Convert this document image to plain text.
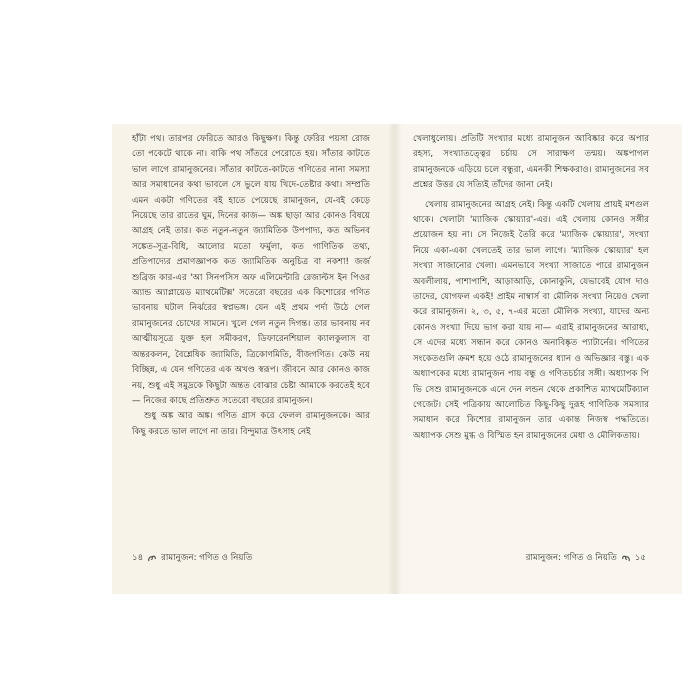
হাঁটা পথ। তারপর ফেরিতে আরও কিছুক্ষণ। কিন্তু ফেরির পয়সা রোজ তো পকেটে থাকে না। বাকি পথ সাঁতরে পেরোতে হয়। সাঁতার কাটতে ভাল লাগে রামানুজনের। সাঁতার কাটতে-কাটতে গণিতের নানা সমস্যা আর সমাধানের কথা ভাবলে সে ভুলে যায় খিদে-তেষ্টার কথা। সম্প্রতি এমন একটা গণিতের বই হাতে পেয়েছে রামানুজন, যে-বই কেড়ে নিয়েছে তার রাতের ঘুম, দিনের কাজ— অঙ্ক ছাড়া আর কোনও বিষয়ে আগ্রহ নেই তার। কত নতুন-নতুন জ্যামিতিক উপপাদ্য, কত অভিনব সঙ্কেত-সূত্র-বিধি, আলোর মতো ফর্মুলা, কত গাণিতিক তথ্য, প্রতিপাদ্যের প্রমাণজ্ঞাপক কত জ্যামিতিক অনুচিত্র বা নকশা! জর্জ শুব্রিজ কার-এর 'আ সিনপসিস অফ এলিমেন্টারি রেজাল্টস ইন পিওর অ্যান্ড অ্যাপ্লায়েড ম্যাথমেটিক্স' সতেরো বছরের এক কিশোরের গণিত ভাবনায় ঘটাল নির্ঝরের স্বপ্নভঙ্গ। যেন এই প্রথম পর্দা উঠে গেল রামানুজনের চোখের সামনে। খুলে গেল নতুন দিগন্ত। তার ভাবনায় নব আত্মীয়সূত্রে যুক্ত হল সমীকরণ, ডিফারেনশিয়াল ক্যালকুলাস বা অন্তরকলন, বৈশ্লেষিক জ্যামিতি, ত্রিকোণমিতি, বীজগণিত। কেউ নয় বিচ্ছিন্ন, এ যেন গণিতের এক অখণ্ড স্বরূপ। জীবনে আর কোনও কাজ নয়, শুধু এই সমুদ্রকে কিছুটা অন্তত বোঝার চেষ্টা আমাকে করতেই হবে— নিজের কাছে প্রতিশ্রুত সতেরো বছরের রামানুজন।

শুধু অঙ্ক আর অঙ্ক। গণিত গ্রাস করে ফেলল রামানুজনকে। আর কিছু করতে ভাল লাগে না তার। বিন্দুমাত্র উৎসাহ নেই

১৪ রামানুজন: গণিত ও নিয়তি

খেলাধুলোয়। প্রতিটি সংখ্যার মধ্যে রামানুজন আবিষ্কার করে অপার রহস্য, সংখ্যাতত্ত্বের চর্চায় সে সারাক্ষণ তন্ময়। অঙ্কপাগল রামানুজনকে এড়িয়ে চলে বন্ধুরা, এমনকী শিক্ষকরাও। রামানুজনের সব প্রশ্নের উত্তর যে সত্যিই তাঁদের জানা নেই।

খেলায় রামানুজনের আগ্রহ নেই। কিন্তু একটি খেলায় প্রায়ই মশগুল থাকে। খেলাটা 'ম্যাজিক স্কোয়্যার'-এর। এই খেলায় কোনও সঙ্গীর প্রয়োজন হয় না। সে নিজেই তৈরি করে 'ম্যাজিক স্কোয়্যার', সংখ্যা নিয়ে একা-একা খেলতেই তার ভাল লাগে। 'ম্যাজিক স্কোয়্যার' হল সংখ্যা সাজানোর খেলা। এমনভাবে সংখ্যা সাজাতে পারে রামানুজন অবলীলায়, পাশাপাশি, আড়াআড়ি, কোনাকুনি, যেভাবেই যোগ দাও তাদের, যোগফল একই! প্রাইম নাম্বার্স বা মৌলিক সংখ্যা নিয়েও খেলা করে রামানুজন। ২, ৩, ৫, ৭-এর মতো মৌলিক সংখ্যা, যাদের অন্য কোনও সংখ্যা দিয়ে ভাগ করা যায় না— এরাই রামানুজনের আরাধ্য, সে এদের মধ্যে সন্ধান করে কোনও অনাবিষ্কৃত প্যাটার্নের। গণিতের সংকেতগুলি ক্রমশ হয়ে ওঠে রামানুজনের ধ্যান ও অভিজ্ঞার বস্তু। এক অধ্যাপকের মধ্যে রামানুজন পায় বন্ধু ও গণিতচর্চার সঙ্গী। অধ্যাপক পি ভি সেশু রামানুজনকে এনে দেন লন্ডন থেকে প্রকাশিত ম্যাথমেটিক্যাল গেজেট। সেই পত্রিকায় আলোচিত কিছু-কিছু দুরূহ গাণিতিক সমস্যার সমাধান করে কিশোর রামানুজন তার একান্ত নিজস্ব পদ্ধতিতে। অধ্যাপক সেশু মুগ্ধ ও বিস্মিত হন রামানুজনের মেধা ও মৌলিকতায়।

রামানুজন: গণিত ও নিয়তি ১৫
